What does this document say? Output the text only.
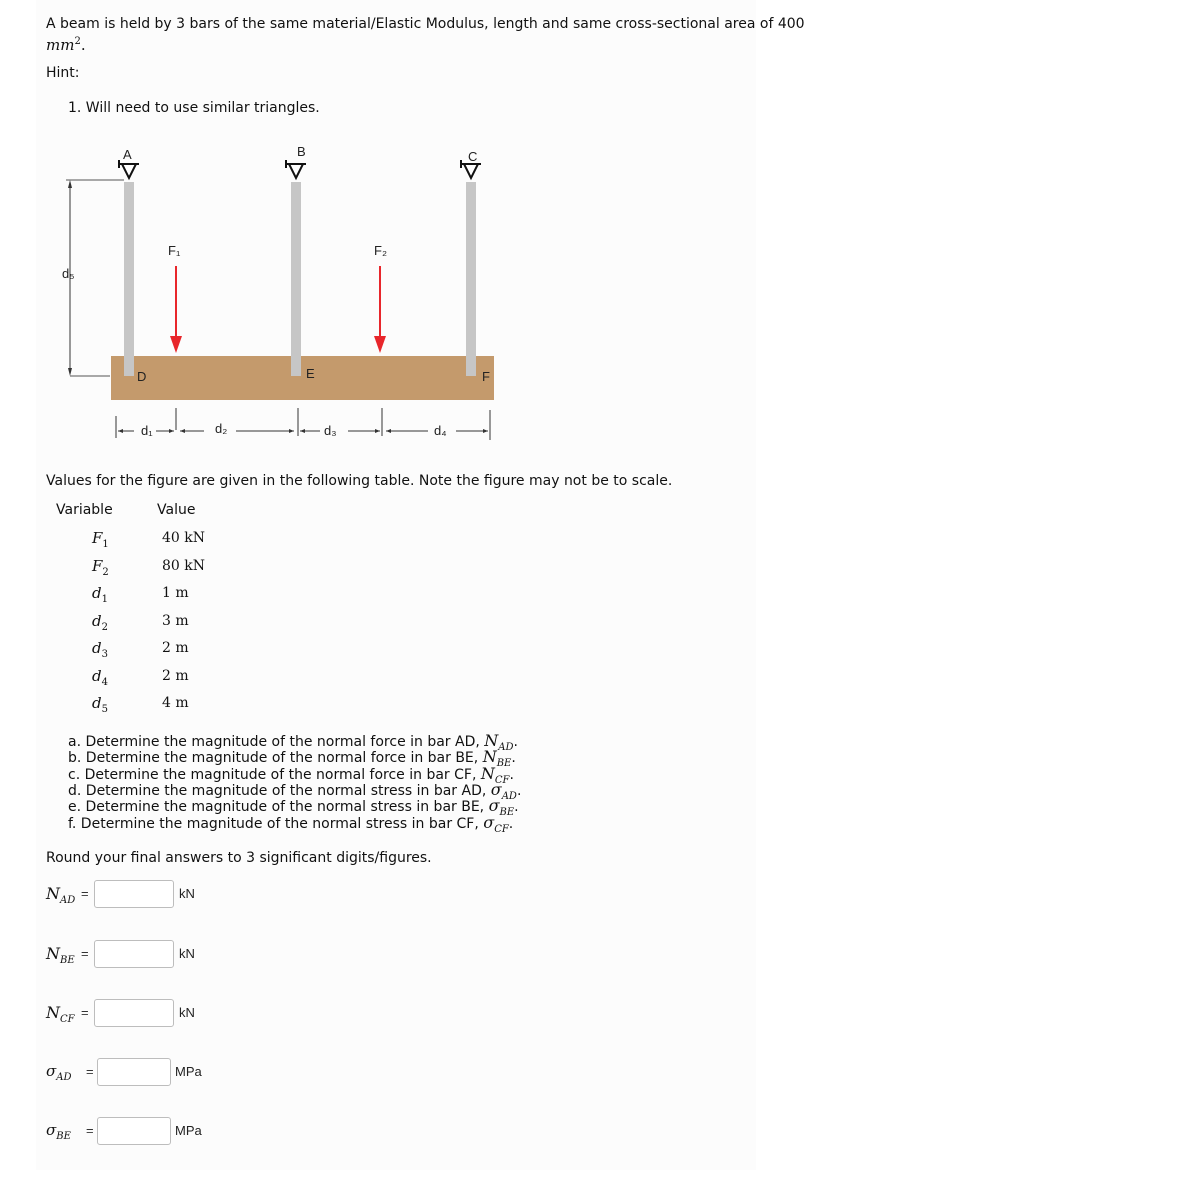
A beam is held by 3 bars of the same material/Elastic Modulus, length and same cross-sectional area of 400
$mm^2$.
Hint:
1. Will need to use similar triangles.
A	B	C
D	E	F
F₁	F₂
d₁	d₂	d₃	d₄
d₅
Values for the figure are given in the following table. Note the figure may not be to scale.
Variable	Value
$F_1$	40 kN
$F_2$	80 kN
$d_1$	1 m
$d_2$	3 m
$d_3$	2 m
$d_4$	2 m
$d_5$	4 m
a. Determine the magnitude of the normal force in bar AD, $N_{AD}$.
b. Determine the magnitude of the normal force in bar BE, $N_{BE}$.
c. Determine the magnitude of the normal force in bar CF, $N_{CF}$.
d. Determine the magnitude of the normal stress in bar AD, $\sigma_{AD}$.
e. Determine the magnitude of the normal stress in bar BE, $\sigma_{BE}$.
f. Determine the magnitude of the normal stress in bar CF, $\sigma_{CF}$.
Round your final answers to 3 significant digits/figures.
$N_{AD}$ =	kN
$N_{BE}$ =	kN
$N_{CF}$ =	kN
$\sigma_{AD}$ =	MPa
$\sigma_{BE}$ =	MPa
